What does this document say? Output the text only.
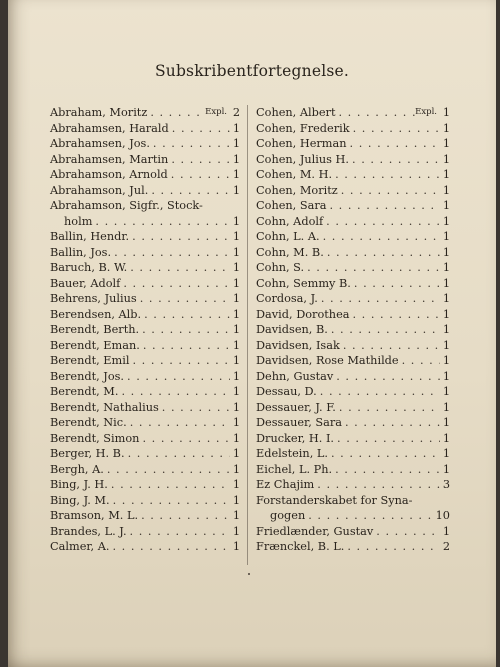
Subskribentfortegnelse.
Abraham, Moritz . . .	Expl. 2
Abrahamsen, Harald . . .	1
Abrahamsen, Jos. . . .	1
Abrahamsen, Martin . . .	1
Abrahamson, Arnold . . .	1
Abrahamson, Jul. . . .	1
Abrahamson, Sigfr., Stock-
holm . . .	1
Ballin, Hendr. . . .	1
Ballin, Jos. . . .	1
Baruch, B. W. . . .	1
Bauer, Adolf . . .	1
Behrens, Julius . . .	1
Berendsen, Alb. . . .	1
Berendt, Berth. . . .	1
Berendt, Eman. . . .	1
Berendt, Emil . . .	1
Berendt, Jos. . . .	1
Berendt, M. . . .	1
Berendt, Nathalius . . .	1
Berendt, Nic. . . .	1
Berendt, Simon . . .	1
Berger, H. B. . . .	1
Bergh, A. . . .	1
Bing, J. H. . . .	1
Bing, J. M. . . .	1
Bramson, M. L. . . .	1
Brandes, L. J. . . .	1
Calmer, A. . . .	1
Cohen, Albert . . .	Expl. 1
Cohen, Frederik . . .	1
Cohen, Herman . . .	1
Cohen, Julius H. . . .	1
Cohen, M. H. . . .	1
Cohen, Moritz . . .	1
Cohen, Sara . . .	1
Cohn, Adolf . . .	1
Cohn, L. A. . . .	1
Cohn, M. B. . . .	1
Cohn, S. . . .	1
Cohn, Semmy B. . . .	1
Cordosa, J. . . .	1
David, Dorothea . . .	1
Davidsen, B. . . .	1
Davidsen, Isak . . .	1
Davidsen, Rose Mathilde . . .	1
Dehn, Gustav . . .	1
Dessau, D. . . .	1
Dessauer, J. F. . . .	1
Dessauer, Sara . . .	1
Drucker, H. I. . . .	1
Edelstein, L. . . .	1
Eichel, L. Ph. . . .	1
Ez Chajim . . .	3
Forstanderskabet for Syna-
gogen . . .	10
Friedlænder, Gustav . . .	1
Frænckel, B. L. . . .	2
